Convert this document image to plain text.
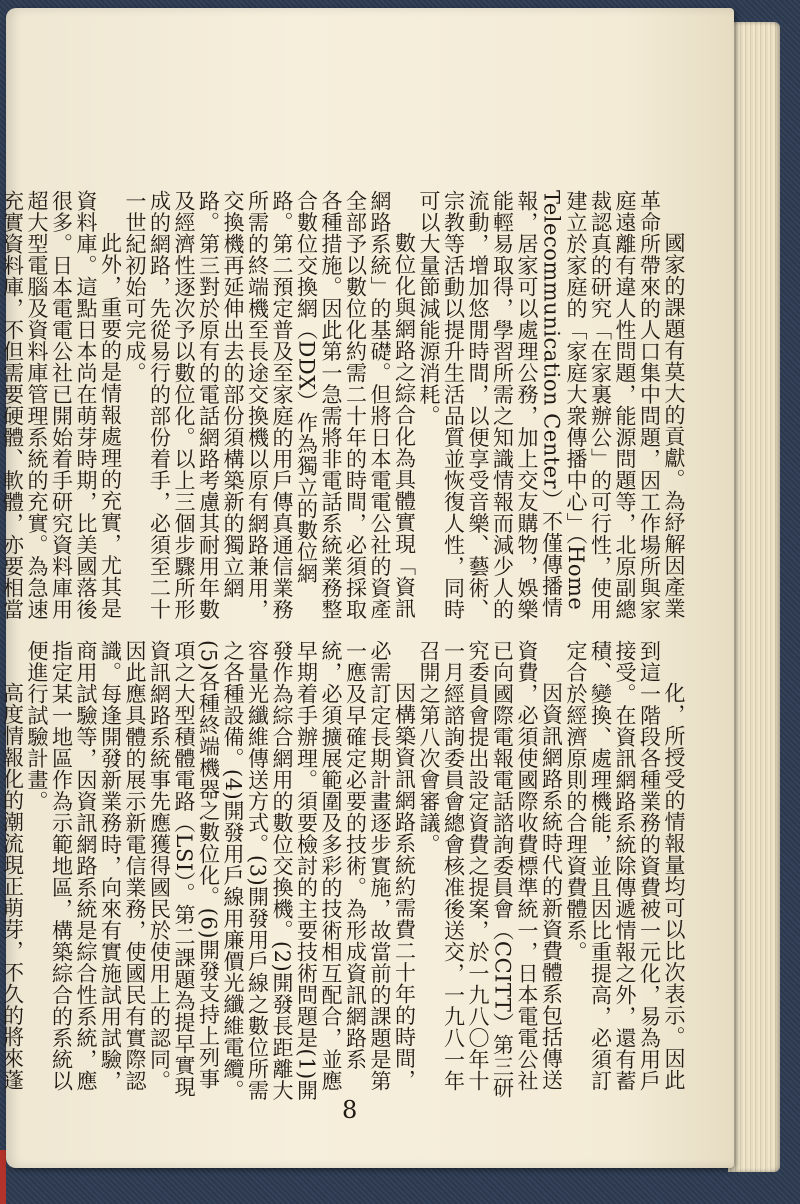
國家的課題有莫大的貢獻。為紓解因產業革命所帶來的人口集中問題，因工作場所與家庭遠離有違人性問題，能源問題等，北原副總裁認真的研究「在家裏辦公」的可行性，使用建立於家庭的「家庭大衆傳播中心」（Home Telecommunication Center）不僅傳播情報，居家可以處理公務，加上交友購物，娛樂能輕易取得，學習所需之知識情報而減少人的流動，增加悠閒時間，以便享受音樂、藝術、宗教等活動以提升生活品質並恢復人性，同時可以大量節減能源消耗。

數位化與網路之綜合化為具體實現「資訊網路系統」的基礎。但將日本電電公社的資產全部予以數位化約需二十年的時間，必須採取各種措施。因此第一急需將非電話系統業務整合數位交換網（DDX）作為獨立的數位網路。第二預定普及至家庭的用戶傳真通信業務所需的終端機至長途交換機以原有網路兼用，交換機再延伸出去的部份須構築新的獨立網路。第三對於原有的電話網路考慮其耐用年數及經濟性逐次予以數位化。以上三個步驟所形成的網路，先從易行的部份着手，必須至二十一世紀初始可完成。

此外，重要的是情報處理的充實，尤其是資料庫。這點日本尚在萌芽時期，比美國落後很多。日本電電公社已開始着手研究資料庫用超大型電腦及資料庫管理系統的充實。為急速充實資料庫，不但需要硬體、軟體，亦要相當

化，所授受的情報量均可以比次表示。因此到這一階段各種業務的資費被一元化，易為用戶接受。在資訊網路系統除傳遞情報之外，還有蓄積、變換、處理機能，並且因比重提高，必須訂定合於經濟原則的合理資費體系。

因資訊網路系統時代的新資費體系包括傳送資費，必須使國際收費標準統一，日本電電公社已向國際電報電話諮詢委員會（CCITT）第三研究委員會提出設定資費之提案，於一九八〇年十一月經諮詢委員會總會核准後送交，一九八一年召開之第八次會審議。

因構築資訊網路系統約需費二十年的時間，必需訂定長期計畫逐步實施，故當前的課題是第一應及早確定必要的技術。為形成資訊網路系統，必須擴展範圍及多彩的技術相互配合，並應早期着手辦理。須要檢討的主要技術問題是(1)開發作為綜合網用的數位交換機。(2)開發長距離大容量光纖維傳送方式。(3)開發用戶線之數位所需之各種設備。(4)開發用戶線用廉價光纖維電纜。(5)各種終端機器之數位化。(6)開發支持上列事項之大型積體電路（LSI）。第二課題為提早實現資訊網路系統事先應獲得國民於使用上的認同。因此應具體的展示新電信業務，使國民有實際認識。每逢開發新業務時，向來有實施試用試驗，商用試驗等，因資訊網路系統是綜合性系統，應指定某一地區作為示範地區，構築綜合的系統以便進行試驗計畫。

高度情報化的潮流現正萌芽，不久的將來蓬

8
